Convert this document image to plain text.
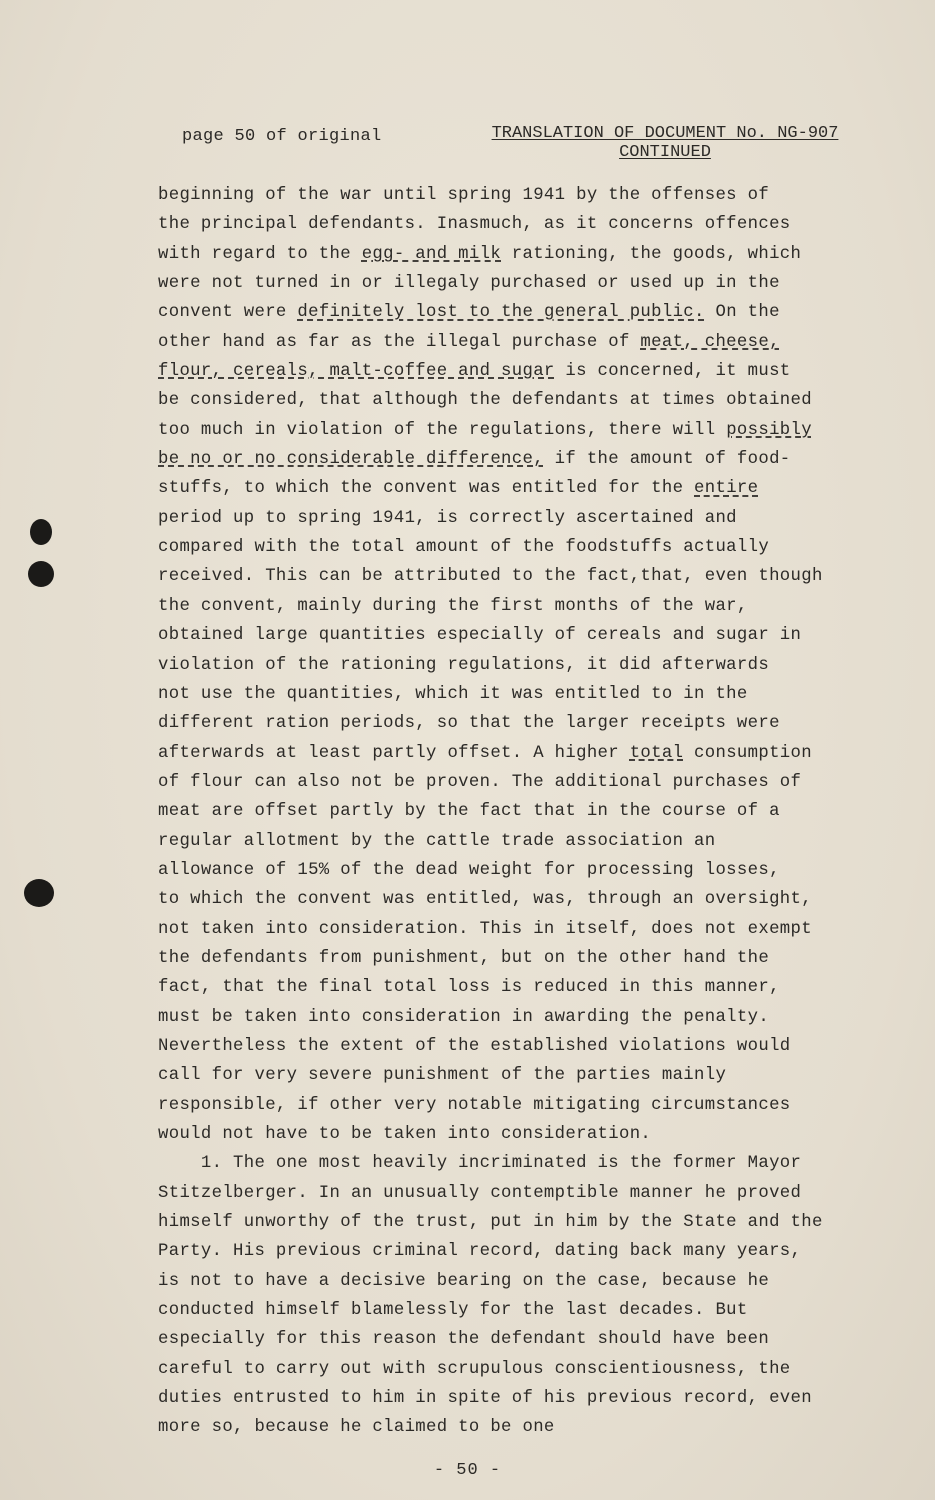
page 50 of original	TRANSLATION OF DOCUMENT No. NG-907
CONTINUED
beginning of the war until spring 1941 by the offenses of
the principal defendants. Inasmuch, as it concerns offences
with regard to the egg- and milk rationing, the goods, which
were not turned in or illegaly purchased or used up in the
convent were definitely lost to the general public. On the
other hand as far as the illegal purchase of meat, cheese,
flour, cereals, malt-coffee and sugar is concerned, it must
be considered, that although the defendants at times obtained
too much in violation of the regulations, there will possibly
be no or no considerable difference, if the amount of food-
stuffs, to which the convent was entitled for the entire
period up to spring 1941, is correctly ascertained and
compared with the total amount of the foodstuffs actually
received. This can be attributed to the fact,that, even though
the convent, mainly during the first months of the war,
obtained large quantities especially of cereals and sugar in
violation of the rationing regulations, it did afterwards
not use the quantities, which it was entitled to in the
different ration periods, so that the larger receipts were
afterwards at least partly offset. A higher total consumption
of flour can also not be proven. The additional purchases of
meat are offset partly by the fact that in the course of a
regular allotment by the cattle trade association an
allowance of 15% of the dead weight for processing losses,
to which the convent was entitled, was, through an oversight,
not taken into consideration. This in itself, does not exempt
the defendants from punishment, but on the other hand the
fact, that the final total loss is reduced in this manner,
must be taken into consideration in awarding the penalty.
Nevertheless the extent of the established violations would
call for very severe punishment of the parties mainly
responsible, if other very notable mitigating circumstances
would not have to be taken into consideration.
1. The one most heavily incriminated is the former Mayor
Stitzelberger. In an unusually contemptible manner he proved
himself unworthy of the trust, put in him by the State and the
Party. His previous criminal record, dating back many years,
is not to have a decisive bearing on the case, because he
conducted himself blamelessly for the last decades. But
especially for this reason the defendant should have been
careful to carry out with scrupulous conscientiousness, the
duties entrusted to him in spite of his previous record, even
more so, because he claimed to be one
- 50 -
